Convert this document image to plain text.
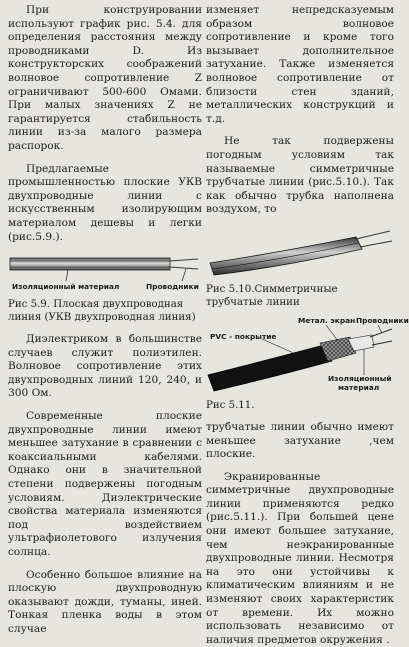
При конструировании используют график рис. 5.4. для определения расстояния между проводниками D. Из конструкторских соображений волновое сопротивление Z ограничивают 500-600 Омами. При малых значениях Z не гарантируется стабильность линии из-за малого размера распорок.

Предлагаемые промышленностью плоские УКВ двухпроводные линии с искусственным изолирующим материалом дешевы и легки (рис.5.9.).

Изоляционный материал	Проводники

Рис 5.9. Плоская двухпроводная линия (УКВ двухпроводная линия)

Диэлектриком в большинстве случаев служит полиэтилен. Волновое сопротивление этих двухпроводных линий 120, 240, и 300 Ом.

Современные плоские двухпроводные линии имеют меньшее затухание в сравнении с коаксиальными кабелями. Однако они в значительной степени подвержены погодным условиям. Диэлектрические свойства материала изменяются под воздействием ультрафиолетового излучения солнца.

Особенно большое влияние на плоскую двухпроводную оказывают дожди, туманы, иней. Тонкая пленка воды в этом случае

изменяет непредсказуемым образом волновое сопротивление и кроме того вызывает дополнительное затухание. Также изменяется волновое сопротивление от близости стен зданий, металлических конструкций и т.д.

Не так подвержены погодным условиям так называемые симметричные трубчатые линии (рис.5.10.). Так как обычно трубка наполнена воздухом, то

Рис 5.10.Симметричные трубчатые линии

Метал. экран
PVC - покрытие
Проводники
Изоляционный
материал

Рис 5.11.

трубчатые линии обычно имеют меньшее затухание ,чем плоские.

Экранированные симметричные двухпроводные линии применяются редко (рис.5.11.). При большей цене они имеют большее затухание, чем неэкранированные двухпроводные линии. Несмотря на это они устойчивы к климатическим влияниям и не изменяют своих характеристик от времени. Их можно использовать независимо от наличия предметов окружения .
